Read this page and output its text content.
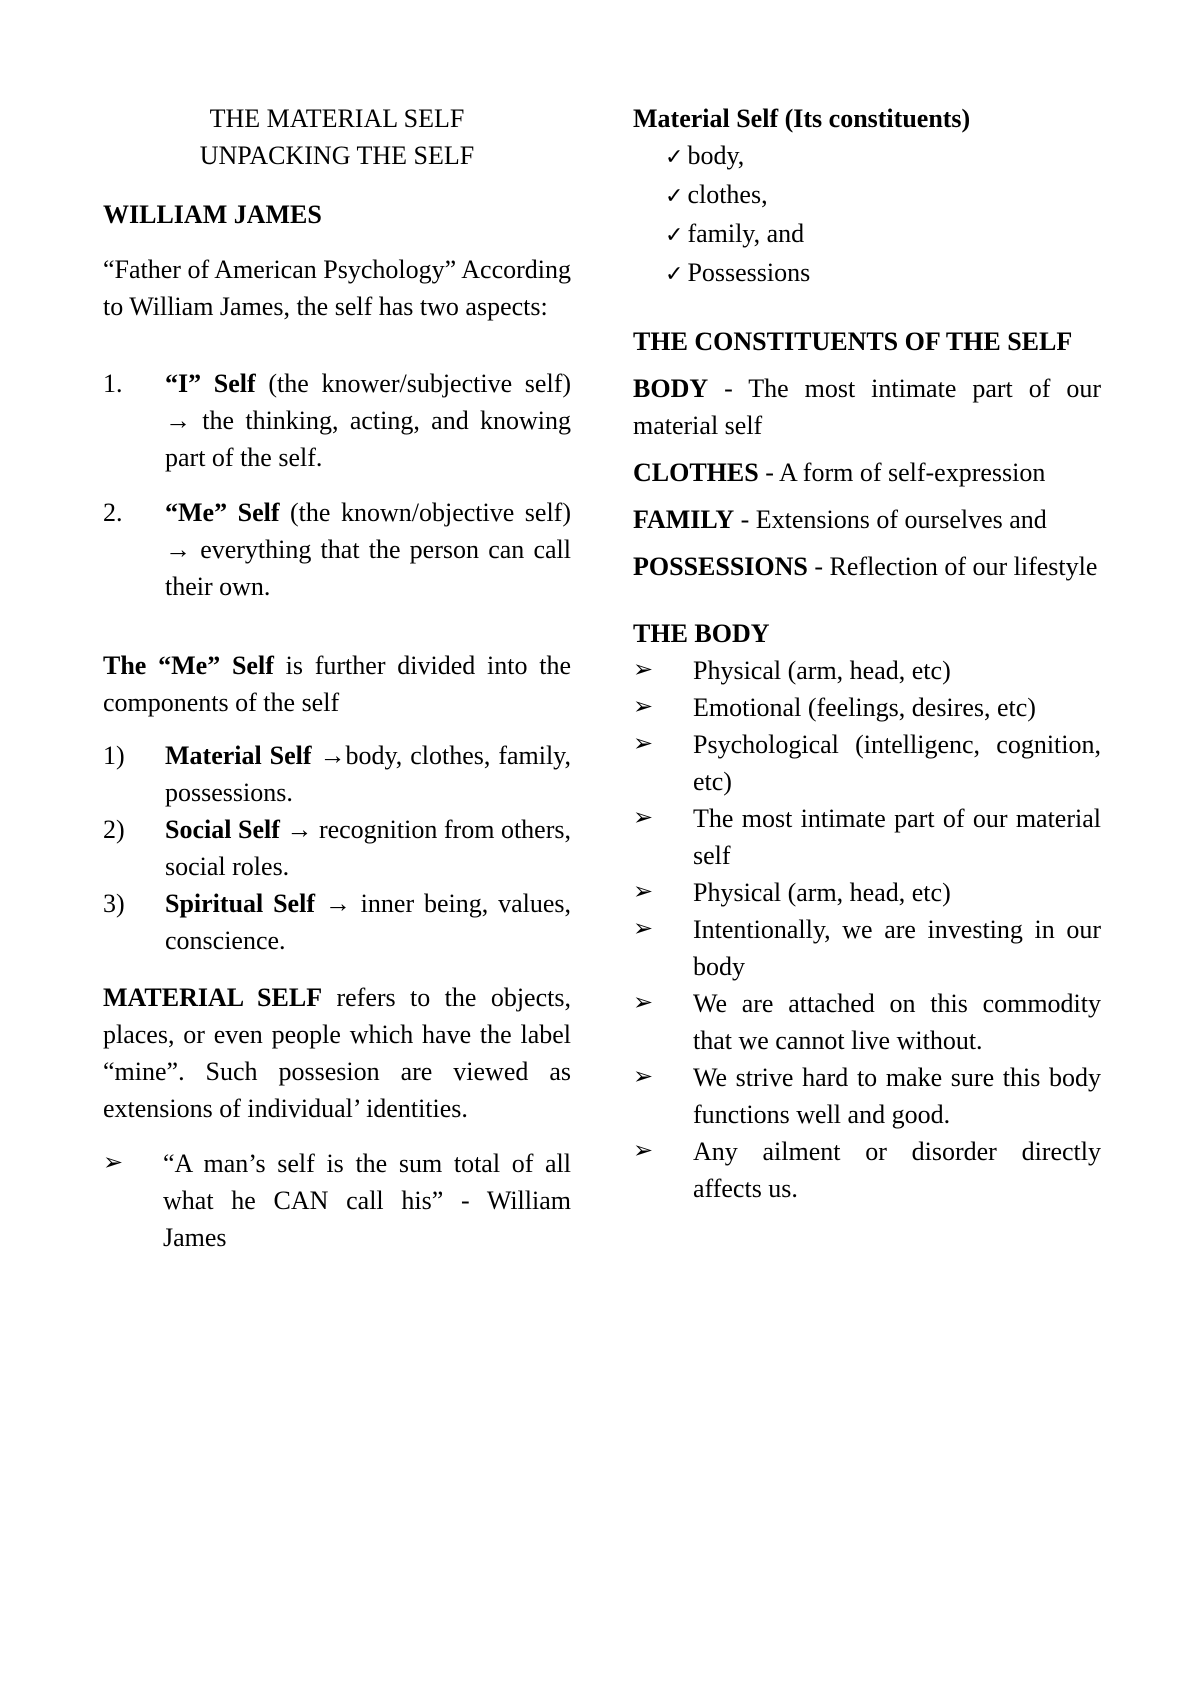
THE MATERIAL SELF

UNPACKING THE SELF

WILLIAM JAMES

“Father of American Psychology” According to William James, the self has two aspects:

1. “I” Self (the knower/subjective self) → the thinking, acting, and knowing part of the self.
2. “Me” Self (the known/objective self) → everything that the person can call their own.

The “Me” Self is further divided into the components of the self

1) Material Self →body, clothes, family, possessions.
2) Social Self → recognition from others, social roles.
3) Spiritual Self → inner being, values, conscience.

MATERIAL SELF refers to the objects, places, or even people which have the label “mine”. Such possesion are viewed as extensions of individual’ identities.

➢ “A man’s self is the sum total of all what he CAN call his” - William James

Material Self (Its constituents)

✓ body,
✓ clothes,
✓ family, and
✓ Possessions

THE CONSTITUENTS OF THE SELF

BODY - The most intimate part of our material self

CLOTHES - A form of self-expression

FAMILY - Extensions of ourselves and

POSSESSIONS - Reflection of our lifestyle

THE BODY

➢ Physical (arm, head, etc)
➢ Emotional (feelings, desires, etc)
➢ Psychological (intelligenc, cognition, etc)
➢ The most intimate part of our material self
➢ Physical (arm, head, etc)
➢ Intentionally, we are investing in our body
➢ We are attached on this commodity that we cannot live without.
➢ We strive hard to make sure this body functions well and good.
➢ Any ailment or disorder directly affects us.
